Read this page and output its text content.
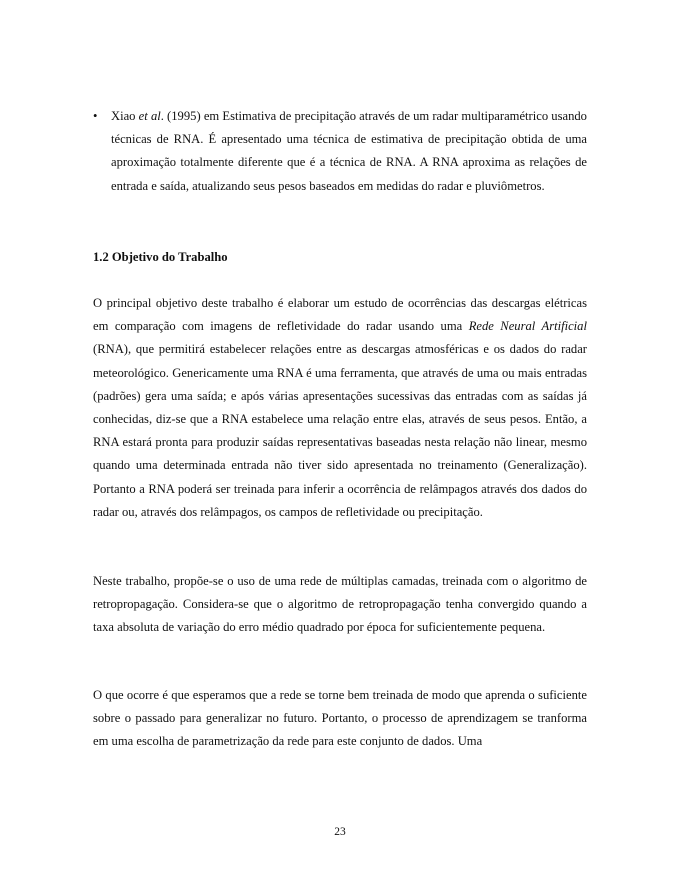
• Xiao et al. (1995) em Estimativa de precipitação através de um radar multiparamétrico usando técnicas de RNA. É apresentado uma técnica de estimativa de precipitação obtida de uma aproximação totalmente diferente que é a técnica de RNA. A RNA aproxima as relações de entrada e saída, atualizando seus pesos baseados em medidas do radar e pluviômetros.
1.2 Objetivo do Trabalho
O principal objetivo deste trabalho é elaborar um estudo de ocorrências das descargas elétricas em comparação com imagens de refletividade do radar usando uma Rede Neural Artificial (RNA), que permitirá estabelecer relações entre as descargas atmosféricas e os dados do radar meteorológico. Genericamente uma RNA é uma ferramenta, que através de uma ou mais entradas (padrões) gera uma saída; e após várias apresentações sucessivas das entradas com as saídas já conhecidas, diz-se que a RNA estabelece uma relação entre elas, através de seus pesos. Então, a RNA estará pronta para produzir saídas representativas baseadas nesta relação não linear, mesmo quando uma determinada entrada não tiver sido apresentada no treinamento (Generalização). Portanto a RNA poderá ser treinada para inferir a ocorrência de relâmpagos através dos dados do radar ou, através dos relâmpagos, os campos de refletividade ou precipitação.
Neste trabalho, propõe-se o uso de uma rede de múltiplas camadas, treinada com o algoritmo de retropropagação. Considera-se que o algoritmo de retropropagação tenha convergido quando a taxa absoluta de variação do erro médio quadrado por época for suficientemente pequena.
O que ocorre é que esperamos que a rede se torne bem treinada de modo que aprenda o suficiente sobre o passado para generalizar no futuro. Portanto, o processo de aprendizagem se tranforma em uma escolha de parametrização da rede para este conjunto de dados. Uma
23
